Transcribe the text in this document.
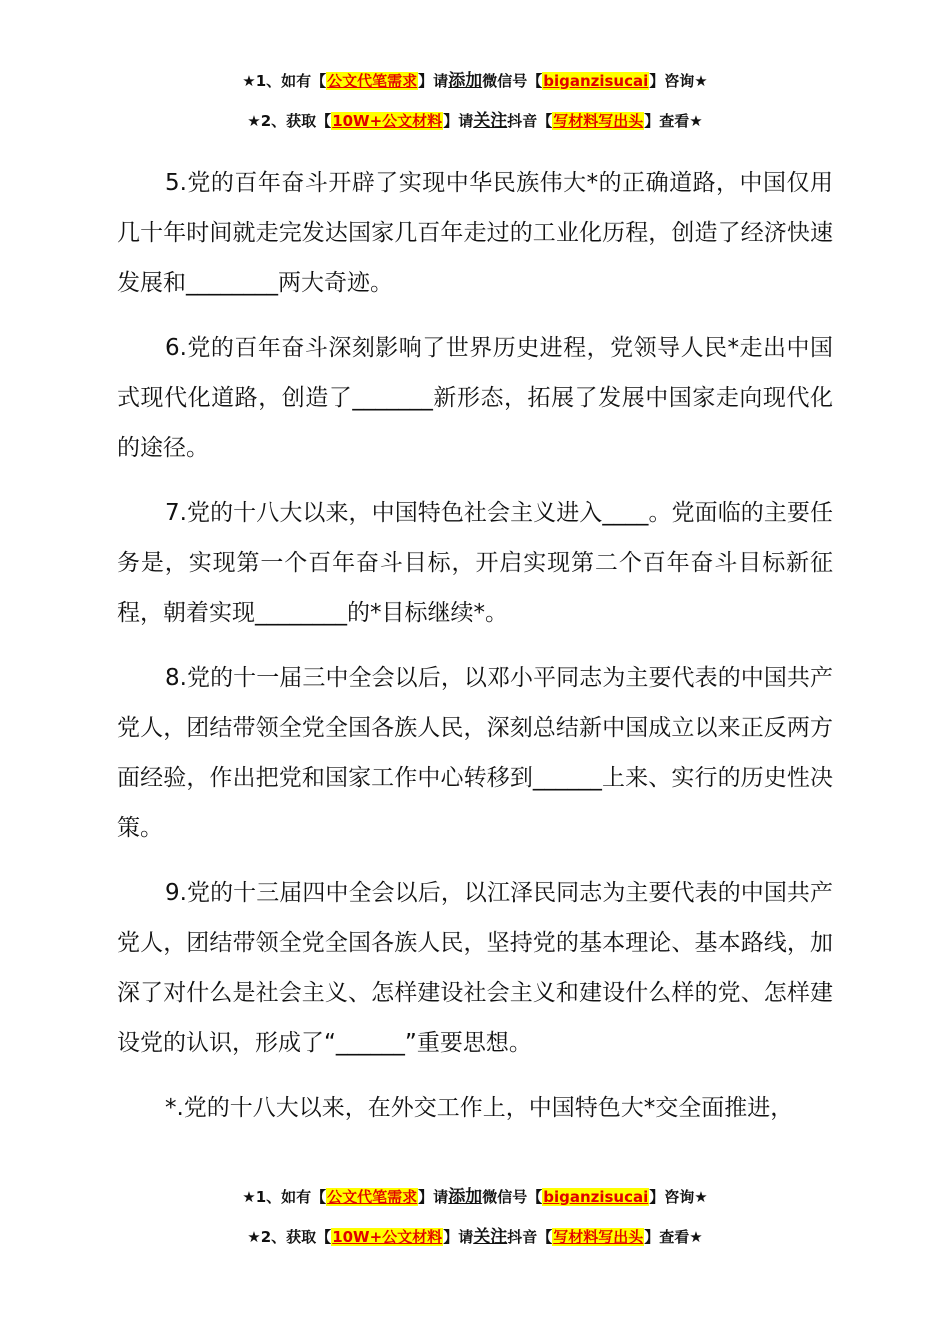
★1、如有【公文代笔需求】请添加微信号【biganzisucai】咨询★
★2、获取【10W+公文材料】请关注抖音【写材料写出头】查看★

5.党的百年奋斗开辟了实现中华民族伟大*的正确道路，中国仅用几十年时间就走完发达国家几百年走过的工业化历程，创造了经济快速发展和________两大奇迹。

6.党的百年奋斗深刻影响了世界历史进程，党领导人民*走出中国式现代化道路，创造了_______新形态，拓展了发展中国家走向现代化的途径。

7.党的十八大以来，中国特色社会主义进入____。党面临的主要任务是，实现第一个百年奋斗目标，开启实现第二个百年奋斗目标新征程，朝着实现________的*目标继续*。

8.党的十一届三中全会以后，以邓小平同志为主要代表的中国共产党人，团结带领全党全国各族人民，深刻总结新中国成立以来正反两方面经验，作出把党和国家工作中心转移到______上来、实行的历史性决策。

9.党的十三届四中全会以后，以江泽民同志为主要代表的中国共产党人，团结带领全党全国各族人民，坚持党的基本理论、基本路线，加深了对什么是社会主义、怎样建设社会主义和建设什么样的党、怎样建设党的认识，形成了“______”重要思想。

*.党的十八大以来，在外交工作上，中国特色大*交全面推进，

★1、如有【公文代笔需求】请添加微信号【biganzisucai】咨询★
★2、获取【10W+公文材料】请关注抖音【写材料写出头】查看★
